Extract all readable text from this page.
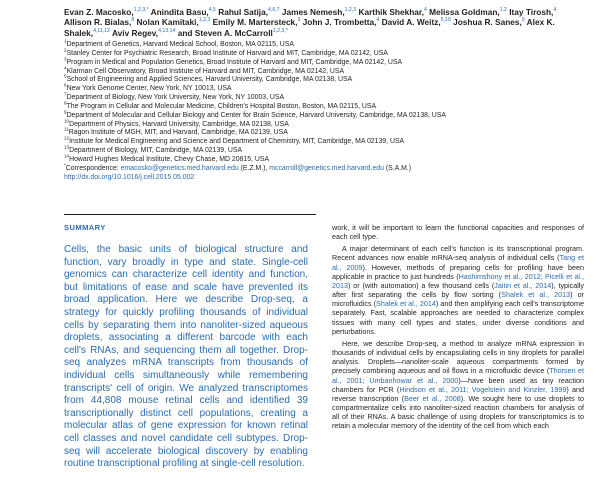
Evan Z. Macosko,$^{1,2,3,*}$ Anindita Basu,$^{4,5}$ Rahul Satija,$^{4,6,7}$ James Nemesh,$^{1,2,3}$ Karthik Shekhar,$^4$ Melissa Goldman,$^{1,2}$ Itay Tirosh,$^4$ Allison R. Bialas,$^8$ Nolan Kamitaki,$^{1,2,3}$ Emily M. Martersteck,$^9$ John J. Trombetta,$^4$ David A. Weitz,$^{5,10}$ Joshua R. Sanes,$^9$ Alex K. Shalek,$^{4,11,12}$ Aviv Regev,$^{4,13,14}$ and Steven A. McCarroll$^{1,2,3,*}$
$^1$Department of Genetics, Harvard Medical School, Boston, MA 02115, USA
$^2$Stanley Center for Psychiatric Research, Broad Institute of Harvard and MIT, Cambridge, MA 02142, USA
$^3$Program in Medical and Population Genetics, Broad Institute of Harvard and MIT, Cambridge, MA 02142, USA
$^4$Klarman Cell Observatory, Broad Institute of Harvard and MIT, Cambridge, MA 02142, USA
$^5$School of Engineering and Applied Sciences, Harvard University, Cambridge, MA 02138, USA
$^6$New York Genome Center, New York, NY 10013, USA
$^7$Department of Biology, New York University, New York, NY 10003, USA
$^8$The Program in Cellular and Molecular Medicine, Children's Hospital Boston, Boston, MA 02115, USA
$^9$Department of Molecular and Cellular Biology and Center for Brain Science, Harvard University, Cambridge, MA 02138, USA
$^{10}$Department of Physics, Harvard University, Cambridge, MA 02138, USA
$^{11}$Ragon Institute of MGH, MIT, and Harvard, Cambridge, MA 02139, USA
$^{12}$Institute for Medical Engineering and Science and Department of Chemistry, MIT, Cambridge, MA 02139, USA
$^{13}$Department of Biology, MIT, Cambridge, MA 02139, USA
$^{14}$Howard Hughes Medical Institute, Chevy Chase, MD 20815, USA
*Correspondence: emacosko@genetics.med.harvard.edu (E.Z.M.), mccarroll@genetics.med.harvard.edu (S.A.M.)
http://dx.doi.org/10.1016/j.cell.2015.05.002
SUMMARY
Cells, the basic units of biological structure and function, vary broadly in type and state. Single-cell genomics can characterize cell identity and function, but limitations of ease and scale have prevented its broad application. Here we describe Drop-seq, a strategy for quickly profiling thousands of individual cells by separating them into nanoliter-sized aqueous droplets, associating a different barcode with each cell's RNAs, and sequencing them all together. Drop-seq analyzes mRNA transcripts from thousands of individual cells simultaneously while remembering transcripts' cell of origin. We analyzed transcriptomes from 44,808 mouse retinal cells and identified 39 transcriptionally distinct cell populations, creating a molecular atlas of gene expression for known retinal cell classes and novel candidate cell subtypes. Drop-seq will accelerate biological discovery by enabling routine transcriptional profiling at single-cell resolution.

work, it will be important to learn the functional capacities and responses of each cell type.

A major determinant of each cell's function is its transcriptional program. Recent advances now enable mRNA-seq analysis of individual cells (Tang et al., 2009). However, methods of preparing cells for profiling have been applicable in practice to just hundreds (Hashimshony et al., 2012; Picelli et al., 2013) or (with automation) a few thousand cells (Jaitin et al., 2014), typically after first separating the cells by flow sorting (Shalek et al., 2013) or microfluidics (Shalek et al., 2014) and then amplifying each cell's transcriptome separately. Fast, scalable approaches are needed to characterize complex tissues with many cell types and states, under diverse conditions and perturbations.

Here, we describe Drop-seq, a method to analyze mRNA expression in thousands of individual cells by encapsulating cells in tiny droplets for parallel analysis. Droplets—nanoliter-scale aqueous compartments formed by precisely combining aqueous and oil flows in a microfluidic device (Thorsen et al., 2001; Umbanhowar et al., 2000)—have been used as tiny reaction chambers for PCR (Hindson et al., 2011; Vogelstein and Kinzler, 1999) and reverse transcription (Beer et al., 2008). We sought here to use droplets to compartmentalize cells into nanoliter-sized reaction chambers for analysis of all of their RNAs. A basic challenge of using droplets for transcriptomics is to retain a molecular memory of the identity of the cell from which each
